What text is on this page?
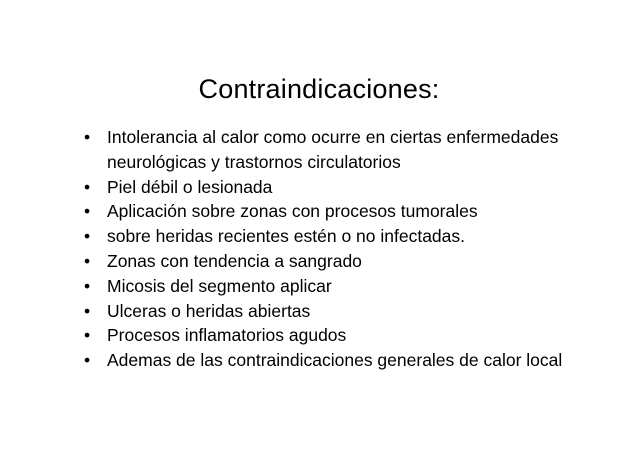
Contraindicaciones:
• Intolerancia al calor como ocurre en ciertas enfermedades neurológicas y trastornos circulatorios
• Piel débil o lesionada
• Aplicación sobre zonas con procesos tumorales
• sobre heridas recientes estén o no infectadas.
• Zonas con tendencia a sangrado
• Micosis del segmento aplicar
• Ulceras o heridas abiertas
• Procesos inflamatorios agudos
• Ademas de las contraindicaciones generales de calor local
